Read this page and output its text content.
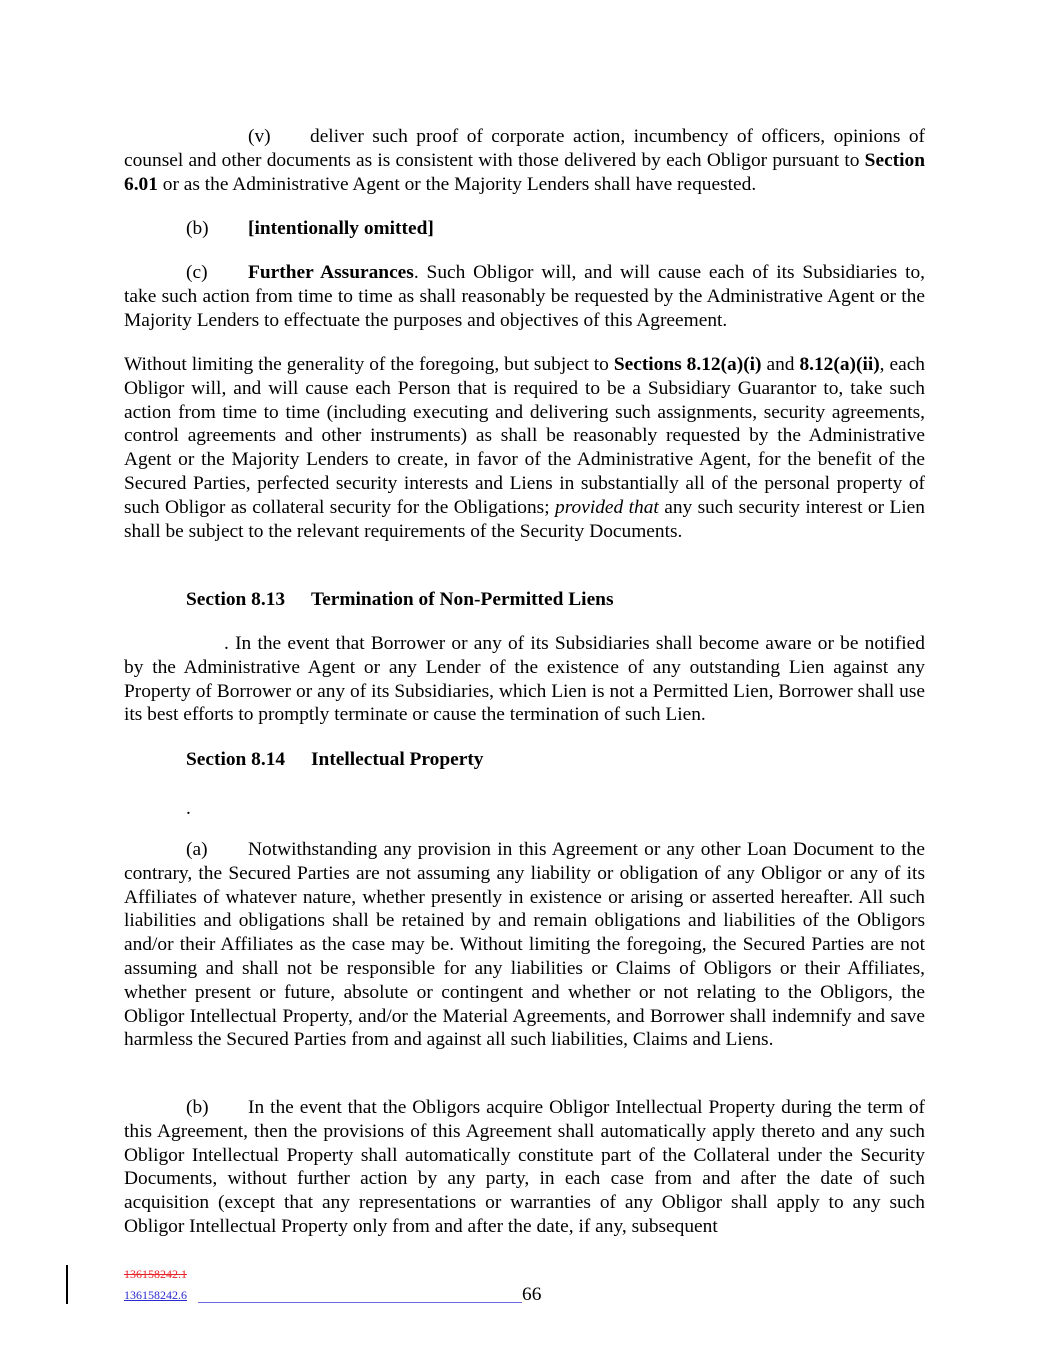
(v) deliver such proof of corporate action, incumbency of officers, opinions of counsel and other documents as is consistent with those delivered by each Obligor pursuant to Section 6.01 or as the Administrative Agent or the Majority Lenders shall have requested.

(b) [intentionally omitted]

(c) Further Assurances. Such Obligor will, and will cause each of its Subsidiaries to, take such action from time to time as shall reasonably be requested by the Administrative Agent or the Majority Lenders to effectuate the purposes and objectives of this Agreement.

Without limiting the generality of the foregoing, but subject to Sections 8.12(a)(i) and 8.12(a)(ii), each Obligor will, and will cause each Person that is required to be a Subsidiary Guarantor to, take such action from time to time (including executing and delivering such assignments, security agreements, control agreements and other instruments) as shall be reasonably requested by the Administrative Agent or the Majority Lenders to create, in favor of the Administrative Agent, for the benefit of the Secured Parties, perfected security interests and Liens in substantially all of the personal property of such Obligor as collateral security for the Obligations; provided that any such security interest or Lien shall be subject to the relevant requirements of the Security Documents.

Section 8.13 Termination of Non-Permitted Liens

. In the event that Borrower or any of its Subsidiaries shall become aware or be notified by the Administrative Agent or any Lender of the existence of any outstanding Lien against any Property of Borrower or any of its Subsidiaries, which Lien is not a Permitted Lien, Borrower shall use its best efforts to promptly terminate or cause the termination of such Lien.

Section 8.14 Intellectual Property

.

(a) Notwithstanding any provision in this Agreement or any other Loan Document to the contrary, the Secured Parties are not assuming any liability or obligation of any Obligor or any of its Affiliates of whatever nature, whether presently in existence or arising or asserted hereafter. All such liabilities and obligations shall be retained by and remain obligations and liabilities of the Obligors and/or their Affiliates as the case may be. Without limiting the foregoing, the Secured Parties are not assuming and shall not be responsible for any liabilities or Claims of Obligors or their Affiliates, whether present or future, absolute or contingent and whether or not relating to the Obligors, the Obligor Intellectual Property, and/or the Material Agreements, and Borrower shall indemnify and save harmless the Secured Parties from and against all such liabilities, Claims and Liens.

(b) In the event that the Obligors acquire Obligor Intellectual Property during the term of this Agreement, then the provisions of this Agreement shall automatically apply thereto and any such Obligor Intellectual Property shall automatically constitute part of the Collateral under the Security Documents, without further action by any party, in each case from and after the date of such acquisition (except that any representations or warranties of any Obligor shall apply to any such Obligor Intellectual Property only from and after the date, if any, subsequent

136158242.1
136158242.6	66
